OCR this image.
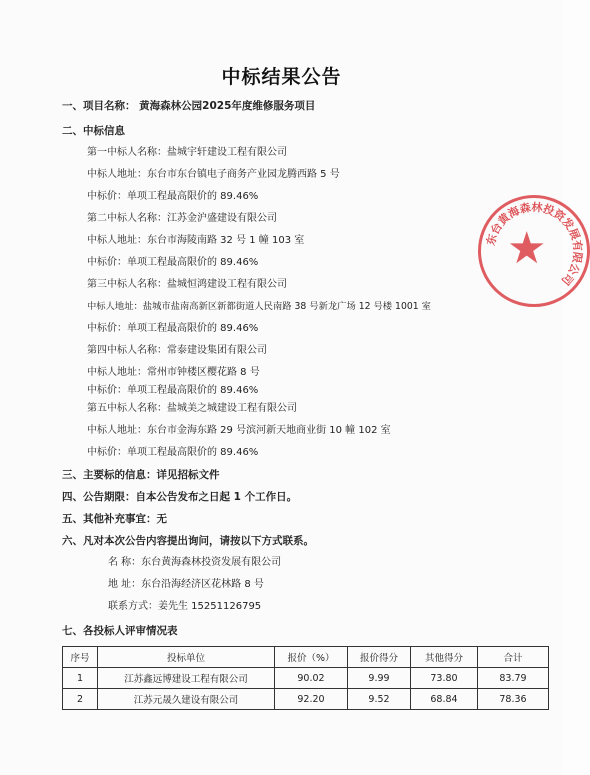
中标结果公告
一、项目名称： 黄海森林公园2025年度维修服务项目
二、中标信息
第一中标人名称：盐城宇轩建设工程有限公司
中标人地址：东台市东台镇电子商务产业园龙腾西路 5 号
中标价：单项工程最高限价的 89.46%
第二中标人名称：江苏金沪盛建设有限公司
中标人地址：东台市海陵南路 32 号 1 幢 103 室
中标价：单项工程最高限价的 89.46%
第三中标人名称：盐城恒鸿建设工程有限公司
中标人地址：盐城市盐南高新区新都街道人民南路 38 号新龙广场 12 号楼 1001 室
中标价：单项工程最高限价的 89.46%
第四中标人名称：常泰建设集团有限公司
中标人地址：常州市钟楼区樱花路 8 号
中标价：单项工程最高限价的 89.46%
第五中标人名称：盐城美之城建设工程有限公司
中标人地址：东台市金海东路 29 号滨河新天地商业街 10 幢 102 室
中标价：单项工程最高限价的 89.46%
三、主要标的信息：详见招标文件
四、公告期限：自本公告发布之日起 1 个工作日。
五、其他补充事宜：无
六、凡对本次公告内容提出询问，请按以下方式联系。
名 称：东台黄海森林投资发展有限公司
地 址：东台沿海经济区花林路 8 号
联系方式：姜先生 15251126795
七、各投标人评审情况表
序号	投标单位	报价（%）	报价得分	其他得分	合计
1	江苏鑫远博建设工程有限公司	90.02	9.99	73.80	83.79
2	江苏元晟久建设有限公司	92.20	9.52	68.84	78.36
东台黄海森林投资发展有限公司
★
